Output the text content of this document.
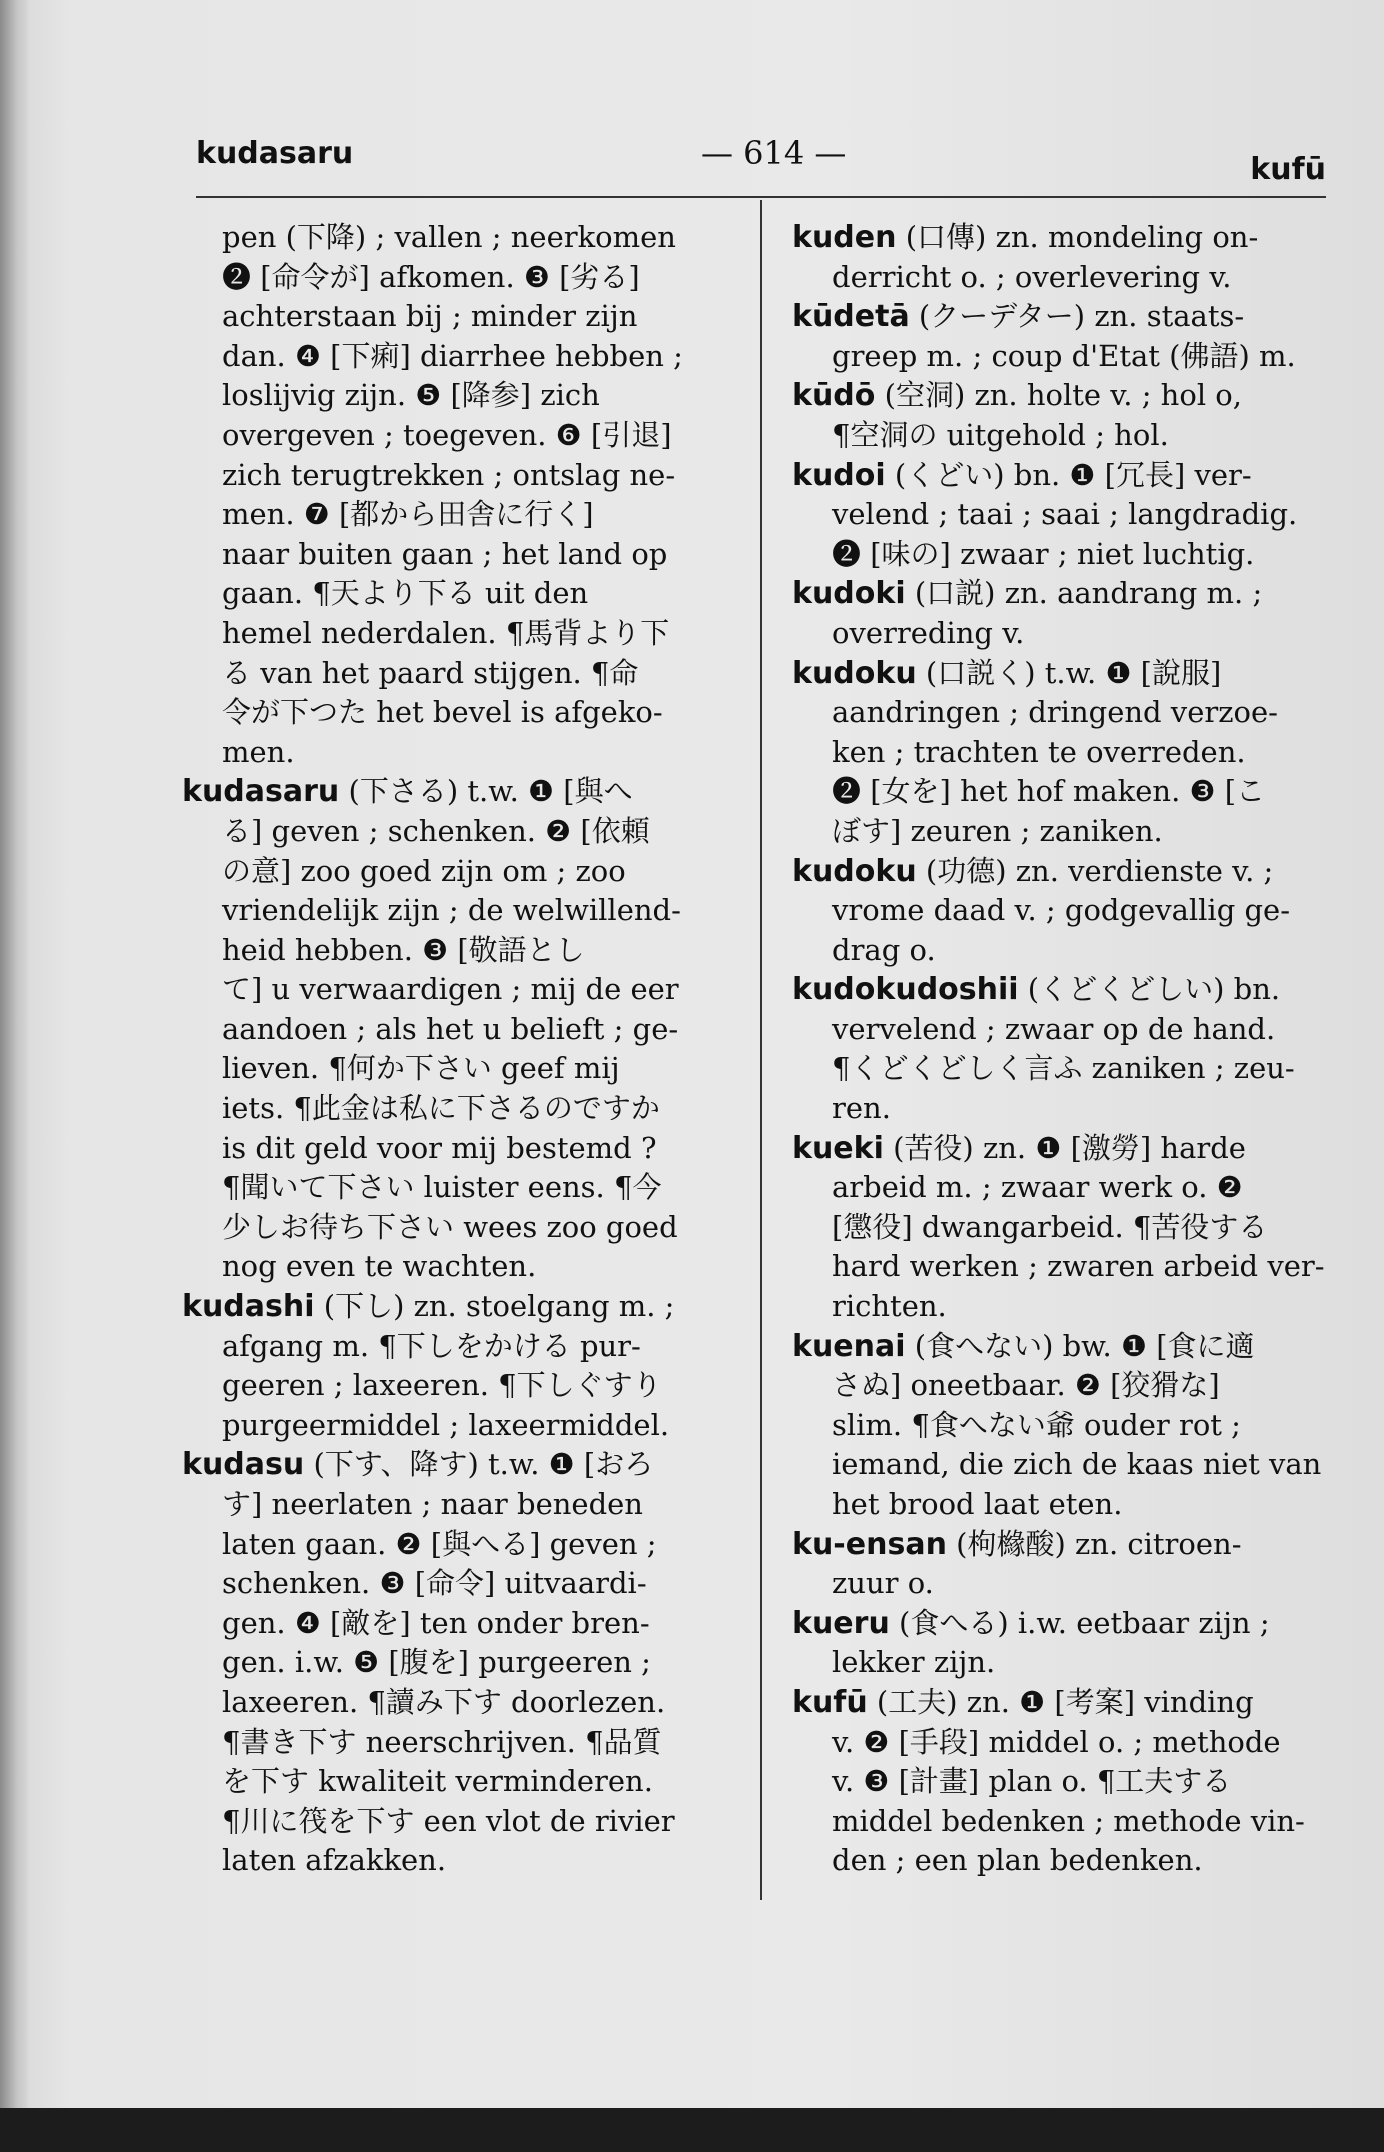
kudasaru	— 614 —	kufū
pen (下降) ; vallen ; neerkomen
❷ [命令が] afkomen. ❸ [劣る]
achterstaan bij ; minder zijn
dan. ❹ [下痢] diarrhee hebben ;
loslijvig zijn. ❺ [降参] zich
overgeven ; toegeven. ❻ [引退]
zich terugtrekken ; ontslag ne-
men. ❼ [都から田舎に行く]
naar buiten gaan ; het land op
gaan. ¶天より下る uit den
hemel nederdalen. ¶馬背より下
る van het paard stijgen. ¶命
令が下つた het bevel is afgeko-
men.
kudasaru (下さる) t.w. ❶ [與へ
る] geven ; schenken. ❷ [依頼
の意] zoo goed zijn om ; zoo
vriendelijk zijn ; de welwillend-
heid hebben. ❸ [敬語とし
て] u verwaardigen ; mij de eer
aandoen ; als het u belieft ; ge-
lieven. ¶何か下さい geef mij
iets. ¶此金は私に下さるのですか
is dit geld voor mij bestemd ?
¶聞いて下さい luister eens. ¶今
少しお待ち下さい wees zoo goed
nog even te wachten.
kudashi (下し) zn. stoelgang m. ;
afgang m. ¶下しをかける pur-
geeren ; laxeeren. ¶下しぐすり
purgeermiddel ; laxeermiddel.
kudasu (下す、降す) t.w. ❶ [おろ
す] neerlaten ; naar beneden
laten gaan. ❷ [與へる] geven ;
schenken. ❸ [命令] uitvaardi-
gen. ❹ [敵を] ten onder bren-
gen. i.w. ❺ [腹を] purgeeren ;
laxeeren. ¶讀み下す doorlezen.
¶書き下す neerschrijven. ¶品質
を下す kwaliteit verminderen.
¶川に筏を下す een vlot de rivier
laten afzakken.
kuden (口傳) zn. mondeling on-
derricht o. ; overlevering v.
kūdetā (クーデター) zn. staats-
greep m. ; coup d'Etat (佛語) m.
kūdō (空洞) zn. holte v. ; hol o,
¶空洞の uitgehold ; hol.
kudoi (くどい) bn. ❶ [冗長] ver-
velend ; taai ; saai ; langdradig.
❷ [味の] zwaar ; niet luchtig.
kudoki (口説) zn. aandrang m. ;
overreding v.
kudoku (口説く) t.w. ❶ [說服]
aandringen ; dringend verzoe-
ken ; trachten te overreden.
❷ [女を] het hof maken. ❸ [こ
ぼす] zeuren ; zaniken.
kudoku (功德) zn. verdienste v. ;
vrome daad v. ; godgevallig ge-
drag o.
kudokudoshii (くどくどしい) bn.
vervelend ; zwaar op de hand.
¶くどくどしく言ふ zaniken ; zeu-
ren.
kueki (苦役) zn. ❶ [激勞] harde
arbeid m. ; zwaar werk o. ❷
[懲役] dwangarbeid. ¶苦役する
hard werken ; zwaren arbeid ver-
richten.
kuenai (食へない) bw. ❶ [食に適
さぬ] oneetbaar. ❷ [狡猾な]
slim. ¶食へない爺 ouder rot ;
iemand, die zich de kaas niet van
het brood laat eten.
ku-ensan (枸櫞酸) zn. citroen-
zuur o.
kueru (食へる) i.w. eetbaar zijn ;
lekker zijn.
kufū (工夫) zn. ❶ [考案] vinding
v. ❷ [手段] middel o. ; methode
v. ❸ [計畫] plan o. ¶工夫する
middel bedenken ; methode vin-
den ; een plan bedenken.
